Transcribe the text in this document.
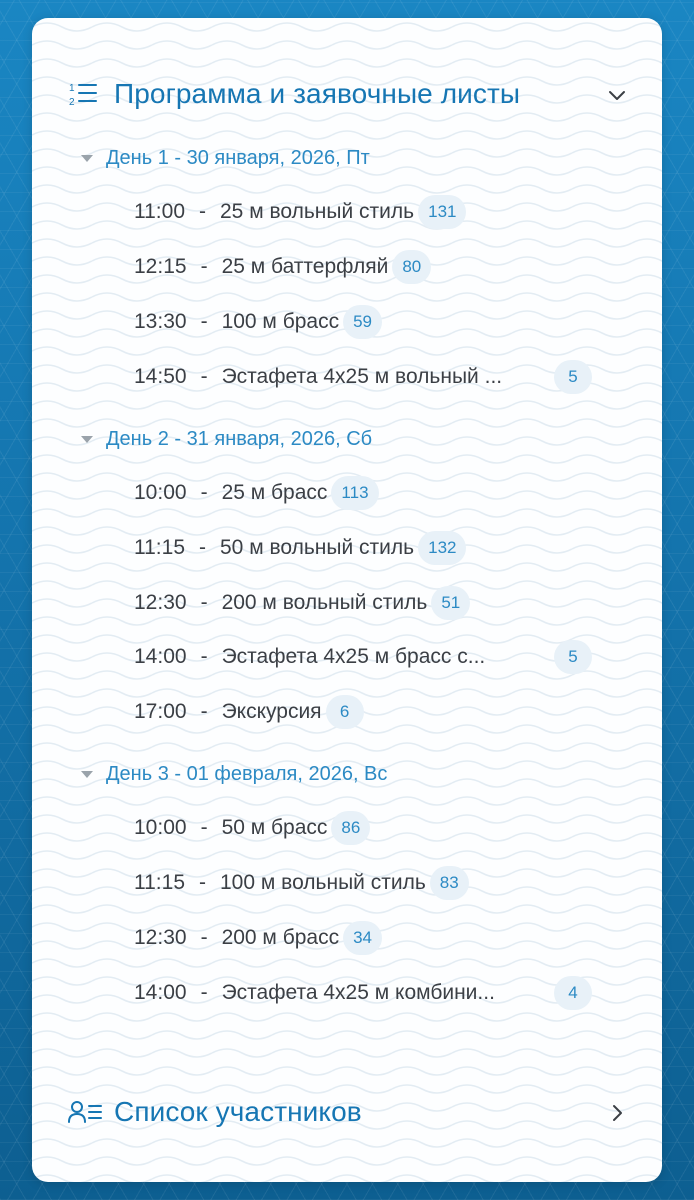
1
2 Программа и заявочные листы
День 1 - 30 января, 2026, Пт
11:00 - 25 м вольный стиль 131
12:15 - 25 м баттерфляй 80
13:30 - 100 м брасс 59
14:50 - Эстафета 4х25 м вольный ...	5
День 2 - 31 января, 2026, Сб
10:00 - 25 м брасс 113
11:15 - 50 м вольный стиль 132
12:30 - 200 м вольный стиль 51
14:00 - Эстафета 4х25 м брасс с...	5
17:00 - Экскурсия	6
День 3 - 01 февраля, 2026, Вс
10:00 - 50 м брасс 86
11:15 - 100 м вольный стиль 83
12:30 - 200 м брасс 34
14:00 - Эстафета 4х25 м комбини...	4
Список участников
